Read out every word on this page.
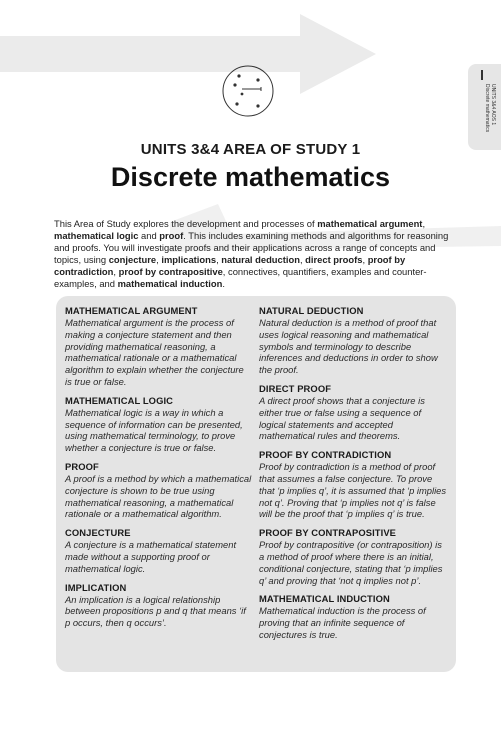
UNITS 3&4 AOS 1
Discrete mathematics
UNITS 3&4 AREA OF STUDY 1
Discrete mathematics
This Area of Study explores the development and processes of mathematical argument, mathematical logic and proof. This includes examining methods and algorithms for reasoning and proofs. You will investigate proofs and their applications across a range of concepts and topics, using conjecture, implications, natural deduction, direct proofs, proof by contradiction, proof by contrapositive, connectives, quantifiers, examples and counter-examples, and mathematical induction.
MATHEMATICAL ARGUMENT
Mathematical argument is the process of making a conjecture statement and then providing mathematical reasoning, a mathematical rationale or a mathematical algorithm to explain whether the conjecture is true or false.
MATHEMATICAL LOGIC
Mathematical logic is a way in which a sequence of information can be presented, using mathematical terminology, to prove whether a conjecture is true or false.
PROOF
A proof is a method by which a mathematical conjecture is shown to be true using mathematical reasoning, a mathematical rationale or a mathematical algorithm.
CONJECTURE
A conjecture is a mathematical statement made without a supporting proof or mathematical logic.
IMPLICATION
An implication is a logical relationship between propositions p and q that means ‘if p occurs, then q occurs’.
NATURAL DEDUCTION
Natural deduction is a method of proof that uses logical reasoning and mathematical symbols and terminology to describe inferences and deductions in order to show the proof.
DIRECT PROOF
A direct proof shows that a conjecture is either true or false using a sequence of logical statements and accepted mathematical rules and theorems.
PROOF BY CONTRADICTION
Proof by contradiction is a method of proof that assumes a false conjecture. To prove that ‘p implies q’, it is assumed that ‘p implies not q’. Proving that ‘p implies not q’ is false will be the proof that ‘p implies q’ is true.
PROOF BY CONTRAPOSITIVE
Proof by contrapositive (or contraposition) is a method of proof where there is an initial, conditional conjecture, stating that ‘p implies q’ and proving that ‘not q implies not p’.
MATHEMATICAL INDUCTION
Mathematical induction is the process of proving that an infinite sequence of conjectures is true.
